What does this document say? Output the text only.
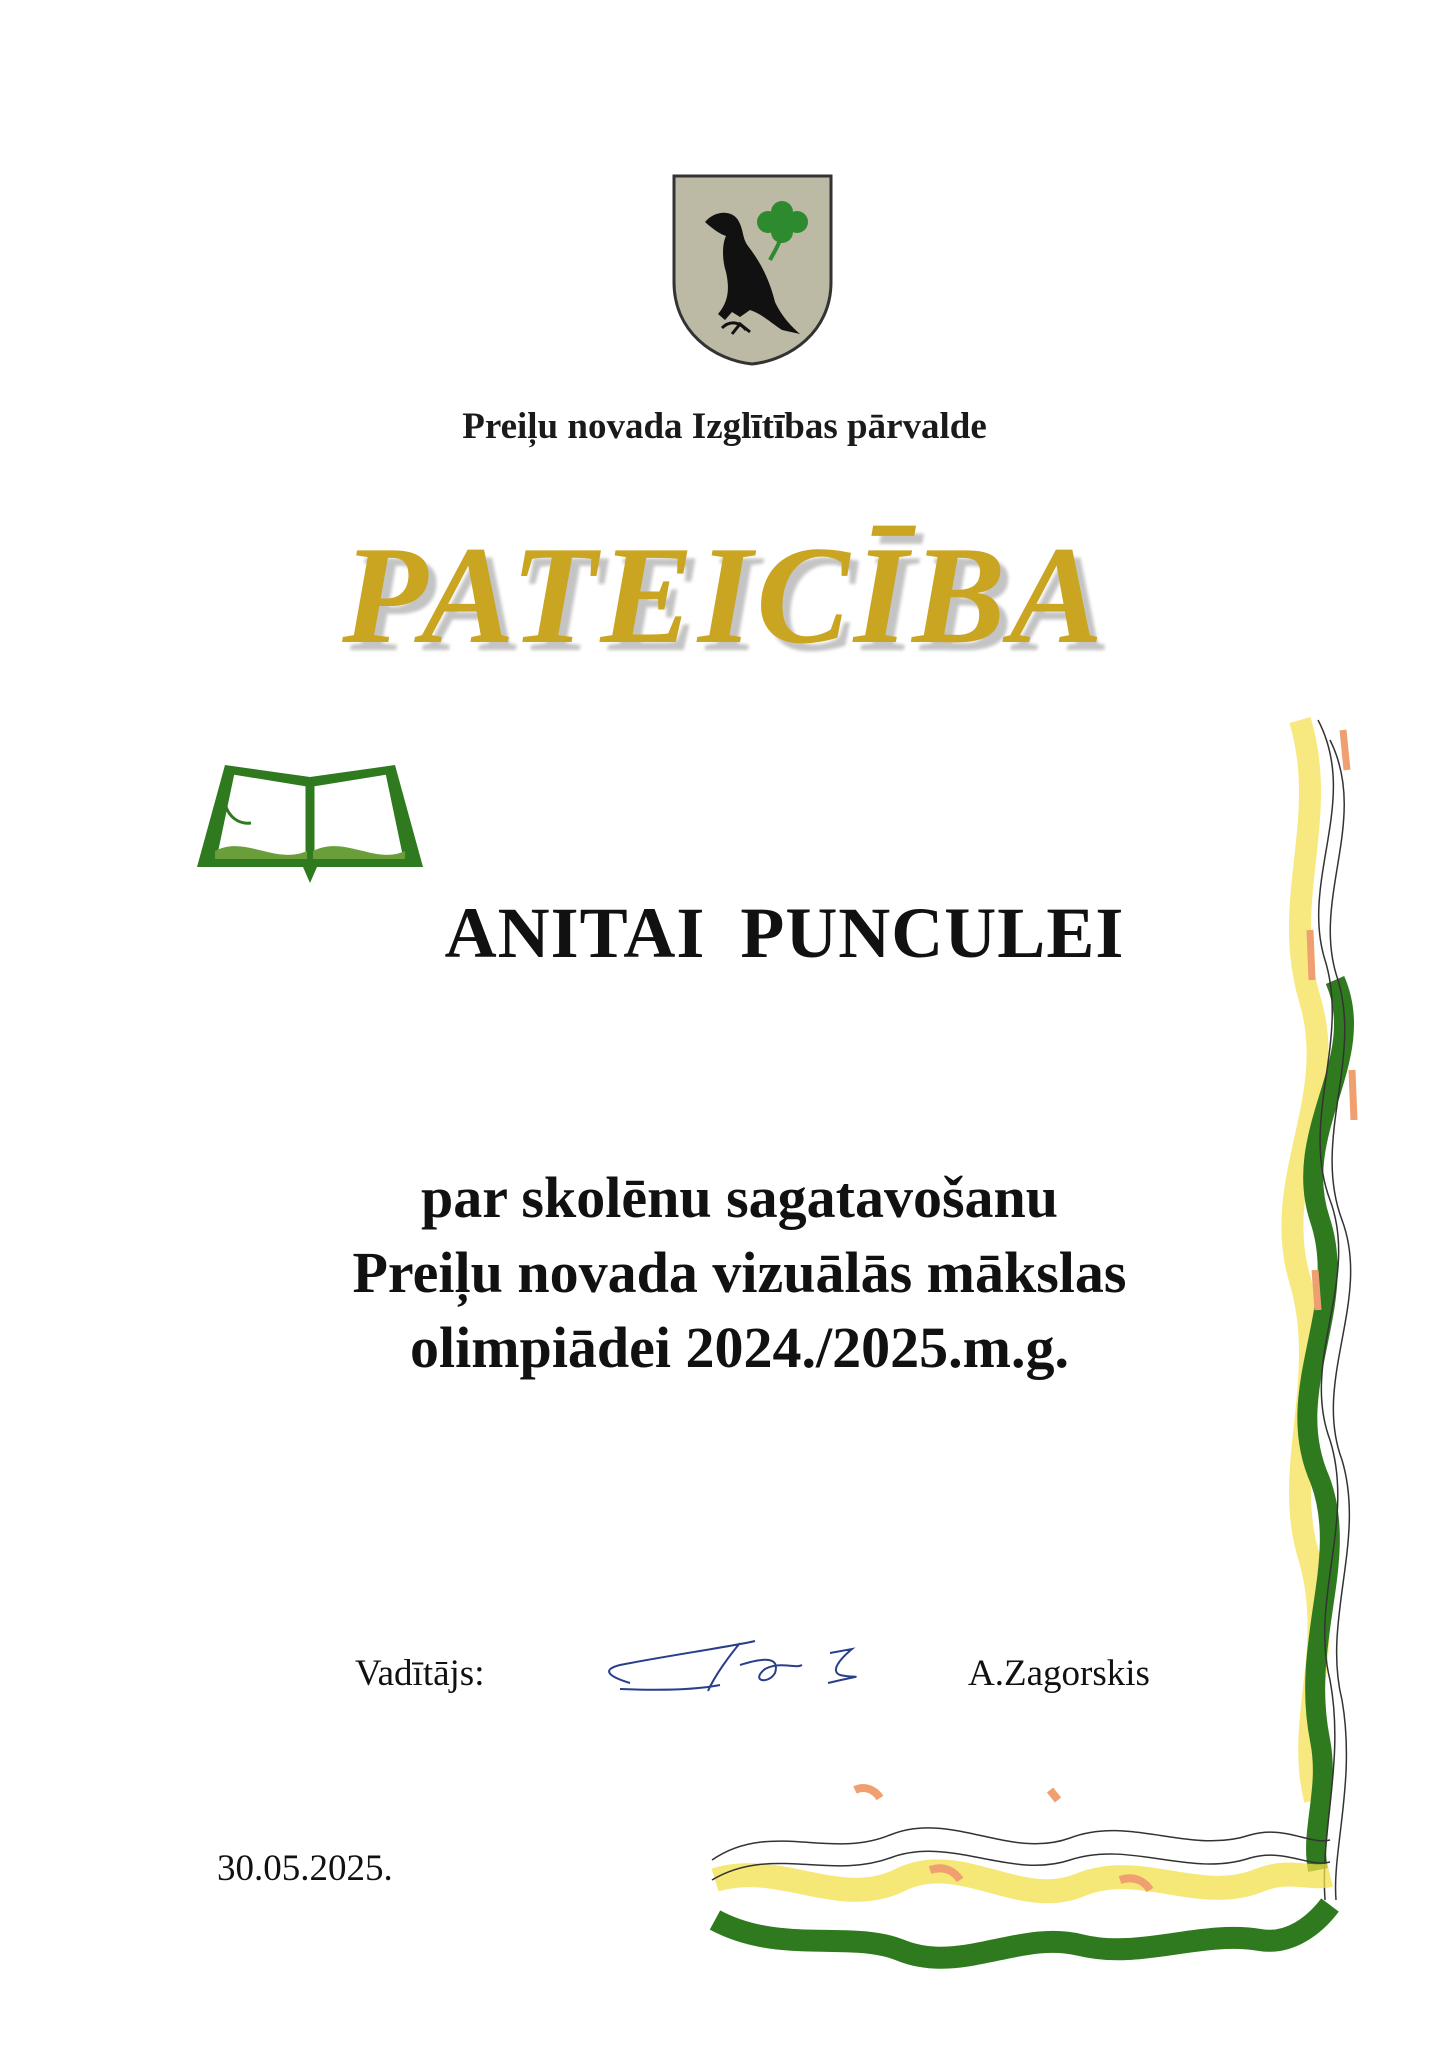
Preiļu novada Izglītības pārvalde
PATEICĪBA
ANITAI PUNCULEI
par skolēnu sagatavošanu
Preiļu novada vizuālās mākslas
olimpiādei 2024./2025.m.g.
Vadītājs:	A.Zagorskis
30.05.2025.
